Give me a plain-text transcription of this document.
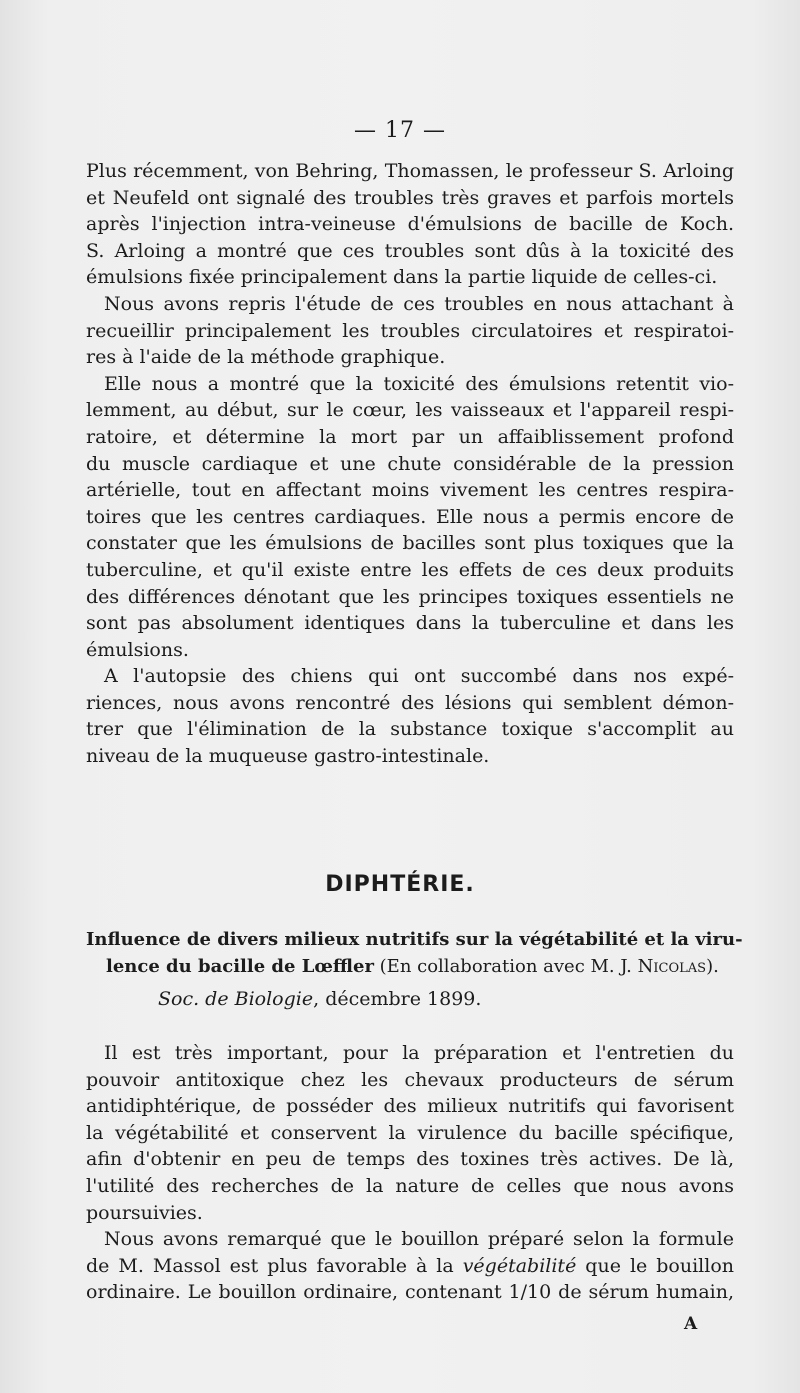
— 17 —

Plus récemment, von Behring, Thomassen, le professeur S. Arloing
et Neufeld ont signalé des troubles très graves et parfois mortels
après l'injection intra-veineuse d'émulsions de bacille de Koch.
S. Arloing a montré que ces troubles sont dûs à la toxicité des
émulsions fixée principalement dans la partie liquide de celles-ci.

Nous avons repris l'étude de ces troubles en nous attachant à
recueillir principalement les troubles circulatoires et respiratoi-
res à l'aide de la méthode graphique.

Elle nous a montré que la toxicité des émulsions retentit vio-
lemment, au début, sur le cœur, les vaisseaux et l'appareil respi-
ratoire, et détermine la mort par un affaiblissement profond
du muscle cardiaque et une chute considérable de la pression
artérielle, tout en affectant moins vivement les centres respira-
toires que les centres cardiaques. Elle nous a permis encore de
constater que les émulsions de bacilles sont plus toxiques que la
tuberculine, et qu'il existe entre les effets de ces deux produits
des différences dénotant que les principes toxiques essentiels ne
sont pas absolument identiques dans la tuberculine et dans les
émulsions.

A l'autopsie des chiens qui ont succombé dans nos expé-
riences, nous avons rencontré des lésions qui semblent démon-
trer que l'élimination de la substance toxique s'accomplit au
niveau de la muqueuse gastro-intestinale.

DIPHTÉRIE.
Influence de divers milieux nutritifs sur la végétabilité et la viru-
lence du bacille de Lœffler (En collaboration avec M. J. Nicolas).
Soc. de Biologie, décembre 1899.

Il est très important, pour la préparation et l'entretien du
pouvoir antitoxique chez les chevaux producteurs de sérum
antidiphtérique, de posséder des milieux nutritifs qui favorisent
la végétabilité et conservent la virulence du bacille spécifique,
afin d'obtenir en peu de temps des toxines très actives. De là,
l'utilité des recherches de la nature de celles que nous avons
poursuivies.

Nous avons remarqué que le bouillon préparé selon la formule
de M. Massol est plus favorable à la végétabilité que le bouillon
ordinaire. Le bouillon ordinaire, contenant 1/10 de sérum humain,

A
